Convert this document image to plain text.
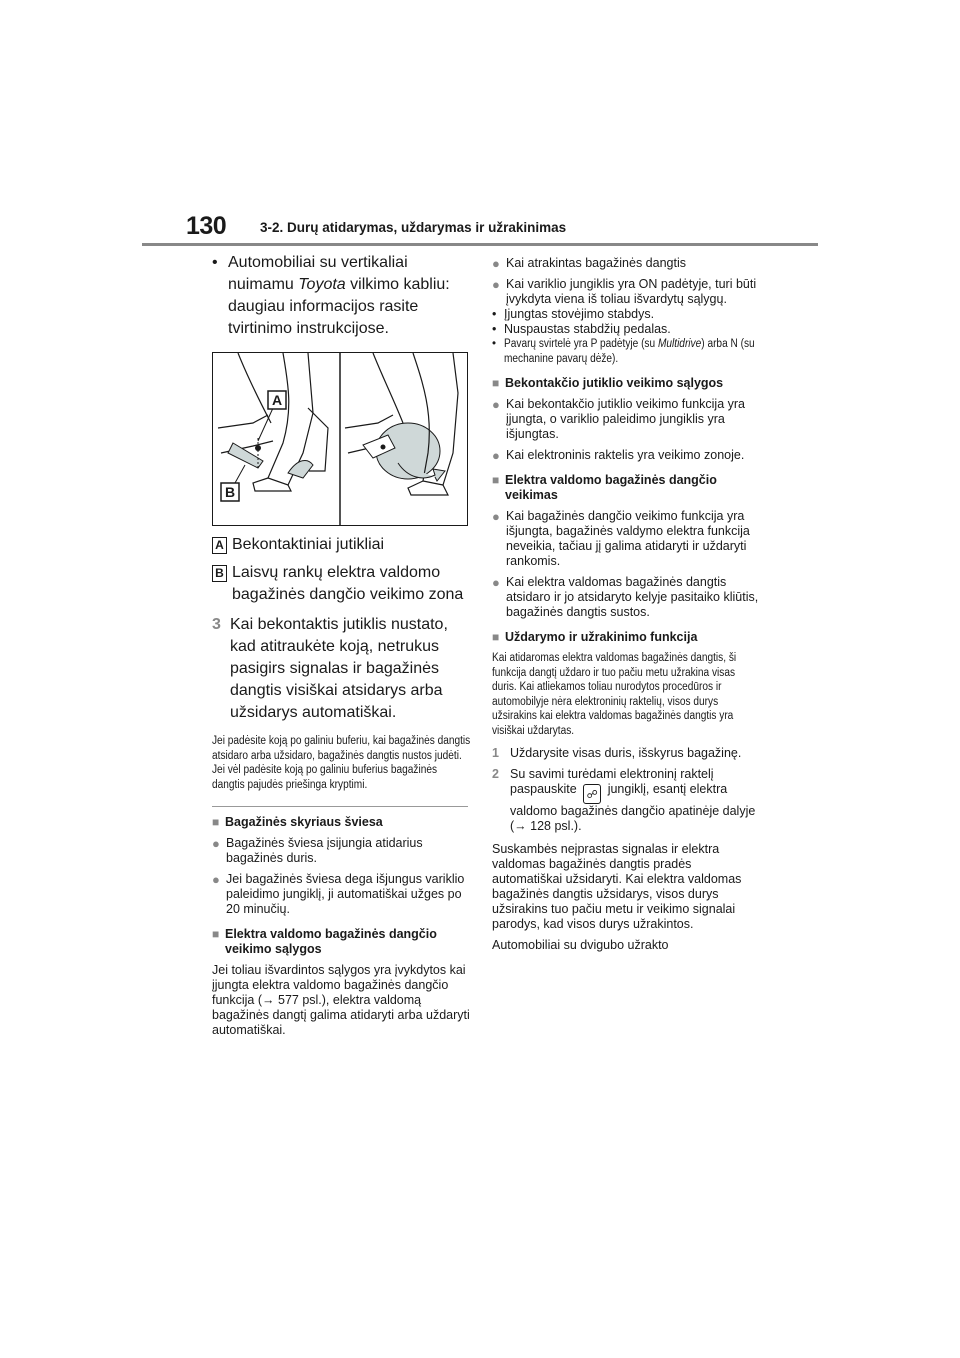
130	3-2. Durų atidarymas, uždarymas ir užrakinimas
• Automobiliai su vertikaliai nuimamu Toyota vilkimo kabliu: daugiau informacijos rasite tvirtinimo instrukcijose.
A
B
A Bekontaktiniai jutikliai
B Laisvų rankų elektra valdomo bagažinės dangčio veikimo zona
3 Kai bekontaktis jutiklis nustato, kad atitraukėte koją, netrukus pasigirs signalas ir bagažinės dangtis visiškai atsidarys arba užsidarys automatiškai.

Jei padėsite koją po galiniu buferiu, kai bagažinės dangtis atsidaro arba užsidaro, bagažinės dangtis nustos judėti. Jei vėl padėsite koją po galiniu buferius bagažinės dangtis pajudės priešinga kryptimi.

■ Bagažinės skyriaus šviesa
● Bagažinės šviesa įsijungia atidarius bagažinės duris.
● Jei bagažinės šviesa dega išjungus variklio paleidimo jungiklį, ji automatiškai užges po 20 minučių.
■ Elektra valdomo bagažinės dangčio veikimo sąlygos

Jei toliau išvardintos sąlygos yra įvykdytos kai įjungta elektra valdomo bagažinės dangčio funkcija (→ 577 psl.), elektra valdomą bagažinės dangtį galima atidaryti arba uždaryti automatiškai.

● Kai atrakintas bagažinės dangtis
● Kai variklio jungiklis yra ON padėtyje, turi būti įvykdyta viena iš toliau išvardytų sąlygų.
• Įjungtas stovėjimo stabdys.
• Nuspaustas stabdžių pedalas.
• Pavarų svirtelė yra P padėtyje (su Multidrive) arba N (su mechanine pavarų dėže).
■ Bekontakčio jutiklio veikimo sąlygos
● Kai bekontakčio jutiklio veikimo funkcija yra įjungta, o variklio paleidimo jungiklis yra išjungtas.
● Kai elektroninis raktelis yra veikimo zonoje.
■ Elektra valdomo bagažinės dangčio veikimas
● Kai bagažinės dangčio veikimo funkcija yra išjungta, bagažinės valdymo elektra funkcija neveikia, tačiau jį galima atidaryti ir uždaryti rankomis.
● Kai elektra valdomas bagažinės dangtis atsidaro ir jo atsidaryto kelyje pasitaiko kliūtis, bagažinės dangtis sustos.
■ Uždarymo ir užrakinimo funkcija

Kai atidaromas elektra valdomas bagažinės dangtis, ši funkcija dangtį uždaro ir tuo pačiu metu užrakina visas duris. Kai atliekamos toliau nurodytos procedūros ir automobilyje nėra elektroninių raktelių, visos durys užsirakins kai elektra valdomas bagažinės dangtis yra visiškai uždarytas.

1 Uždarysite visas duris, išskyrus bagažinę.
2 Su savimi turėdami elektroninį raktelį paspauskite ☍ jungiklį, esantį elektra valdomo bagažinės dangčio apatinėje dalyje (→ 128 psl.).

Suskambės neįprastas signalas ir elektra valdomas bagažinės dangtis pradės automatiškai užsidaryti. Kai elektra valdomas bagažinės dangtis užsidarys, visos durys užsirakins tuo pačiu metu ir veikimo signalai parodys, kad visos durys užrakintos.

Automobiliai su dvigubo užrakto
